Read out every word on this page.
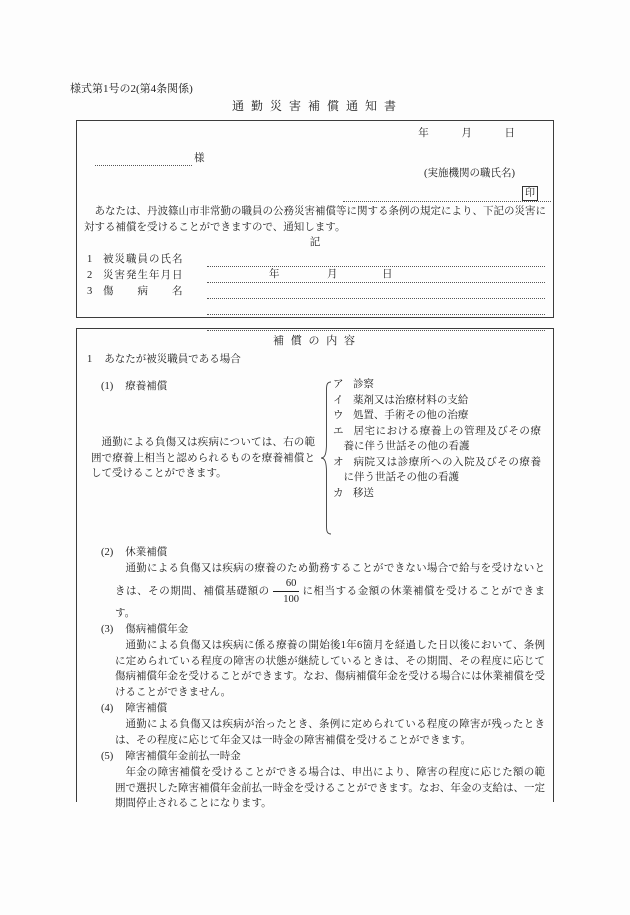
様式第1号の2(第4条関係)
通 勤 災 害 補 償 通 知 書
年	月	日
様
(実施機関の職氏名)
印

あなたは、丹波篠山市非常勤の職員の公務災害補償等に関する条例の規定により、下記の災害に対する補償を受けることができますので、通知します。

記
1	被災職員の氏名
2	災害発生年月日	年	月	日
3	傷　　病　　名
補 償 の 内 容
1 あなたが被災職員である場合
(1) 療養補償

通勤による負傷又は疾病については、右の範囲で療養上相当と認められるものを療養補償として受けることができます。

ア 診察
イ 薬剤又は治療材料の支給
ウ 処置、手術その他の治療
エ 居宅における療養上の管理及びその療養に伴う世話その他の看護
オ 病院又は診療所への入院及びその療養に伴う世話その他の看護
カ 移送
(2) 休業補償

通勤による負傷又は疾病の療養のため勤務することができない場合で給与を受けないときは、その期間、補償基礎額の $\frac{60}{100}$ に相当する金額の休業補償を受けることができます。

(3) 傷病補償年金

通勤による負傷又は疾病に係る療養の開始後1年6箇月を経過した日以後において、条例に定められている程度の障害の状態が継続しているときは、その期間、その程度に応じて傷病補償年金を受けることができます。なお、傷病補償年金を受ける場合には休業補償を受けることができません。

(4) 障害補償

通勤による負傷又は疾病が治ったとき、条例に定められている程度の障害が残ったときは、その程度に応じて年金又は一時金の障害補償を受けることができます。

(5) 障害補償年金前払一時金

年金の障害補償を受けることができる場合は、申出により、障害の程度に応じた額の範囲で選択した障害補償年金前払一時金を受けることができます。なお、年金の支給は、一定期間停止されることになります。
